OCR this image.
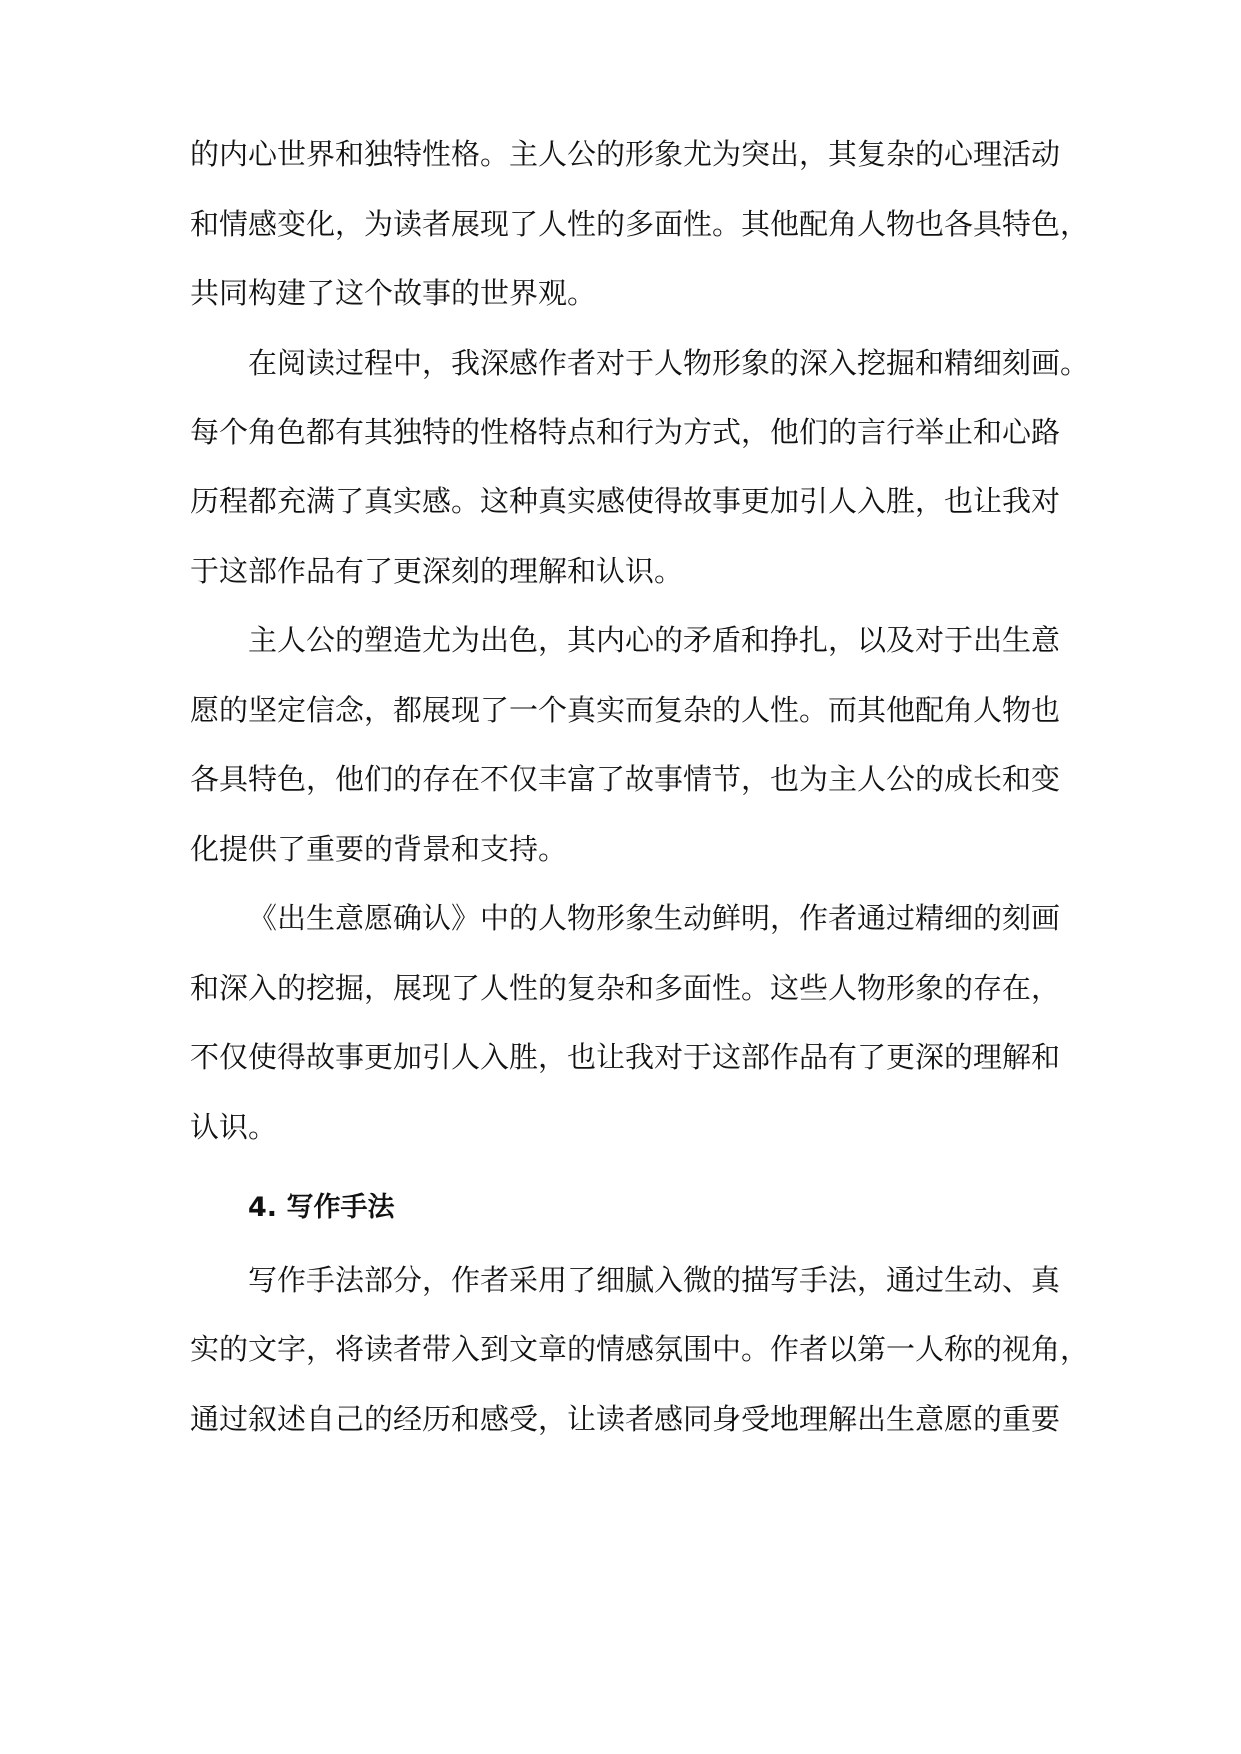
的内心世界和独特性格。主人公的形象尤为突出，其复杂的心理活动
和情感变化，为读者展现了人性的多面性。其他配角人物也各具特色，
共同构建了这个故事的世界观。
在阅读过程中，我深感作者对于人物形象的深入挖掘和精细刻画。
每个角色都有其独特的性格特点和行为方式，他们的言行举止和心路
历程都充满了真实感。这种真实感使得故事更加引人入胜，也让我对
于这部作品有了更深刻的理解和认识。
主人公的塑造尤为出色，其内心的矛盾和挣扎，以及对于出生意
愿的坚定信念，都展现了一个真实而复杂的人性。而其他配角人物也
各具特色，他们的存在不仅丰富了故事情节，也为主人公的成长和变
化提供了重要的背景和支持。
《出生意愿确认》中的人物形象生动鲜明，作者通过精细的刻画
和深入的挖掘，展现了人性的复杂和多面性。这些人物形象的存在，
不仅使得故事更加引人入胜，也让我对于这部作品有了更深的理解和
认识。
4. 写作手法
写作手法部分，作者采用了细腻入微的描写手法，通过生动、真
实的文字，将读者带入到文章的情感氛围中。作者以第一人称的视角，
通过叙述自己的经历和感受，让读者感同身受地理解出生意愿的重要
